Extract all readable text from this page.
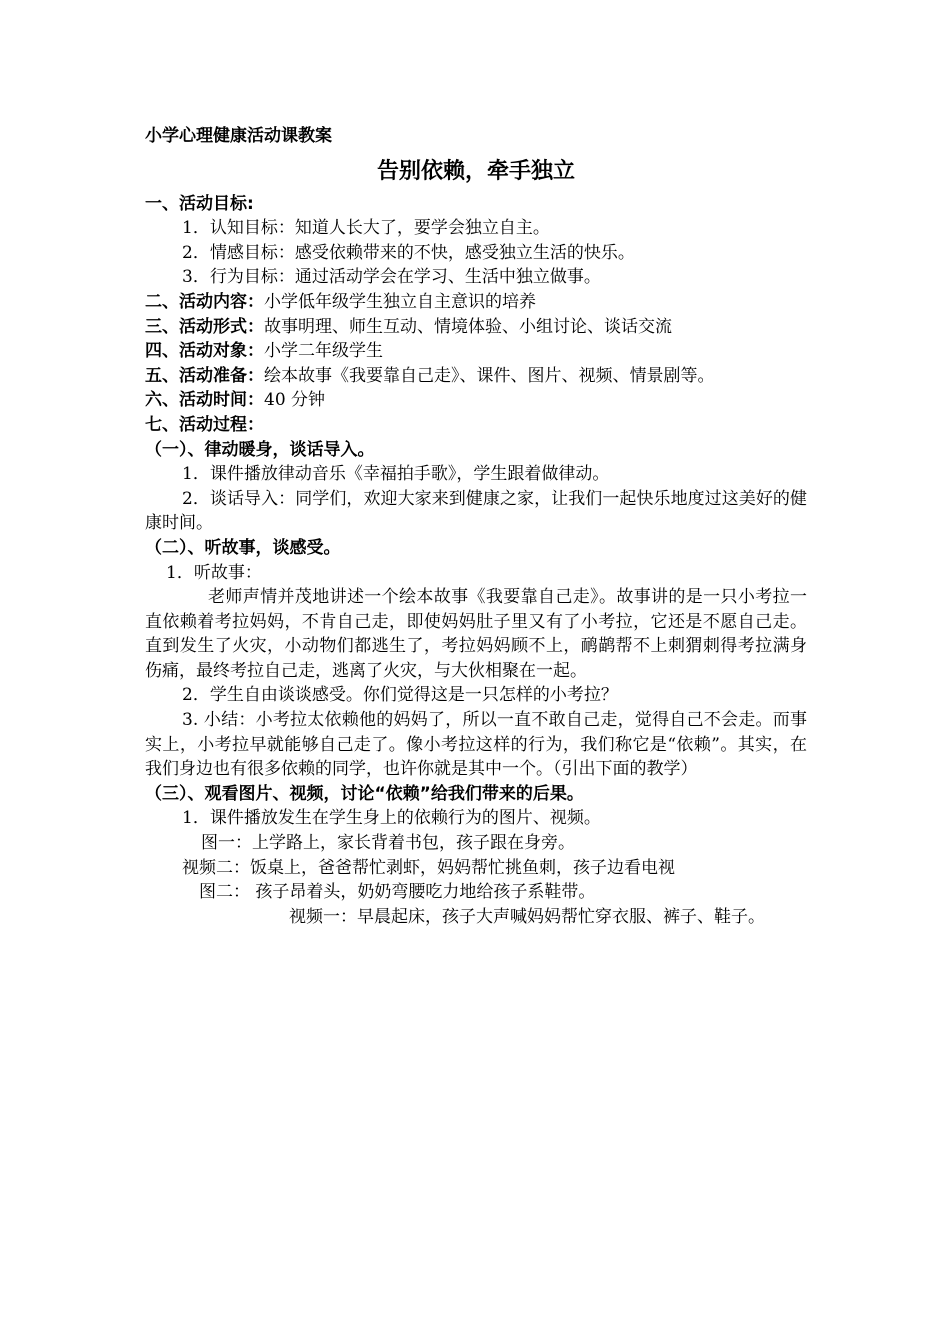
小学心理健康活动课教案
告别依赖，牵手独立
一、活动目标:
1．认知目标：知道人长大了，要学会独立自主。
2．情感目标：感受依赖带来的不快，感受独立生活的快乐。
3．行为目标：通过活动学会在学习、生活中独立做事。
二、活动内容：小学低年级学生独立自主意识的培养
三、活动形式：故事明理、师生互动、情境体验、小组讨论、谈话交流
四、活动对象：小学二年级学生
五、活动准备：绘本故事《我要靠自己走》、课件、图片、视频、情景剧等。
六、活动时间：40 分钟
七、活动过程：
（一）、律动暖身，谈话导入。
1．课件播放律动音乐《幸福拍手歌》，学生跟着做律动。
2．谈话导入：同学们，欢迎大家来到健康之家，让我们一起快乐地度过这美好的健康时间。
（二）、听故事，谈感受。
1．听故事：
老师声情并茂地讲述一个绘本故事《我要靠自己走》。故事讲的是一只小考拉一直依赖着考拉妈妈，不肯自己走，即使妈妈肚子里又有了小考拉，它还是不愿自己走。直到发生了火灾，小动物们都逃生了，考拉妈妈顾不上，鸸鹋帮不上刺猬刺得考拉满身伤痛，最终考拉自己走，逃离了火灾，与大伙相聚在一起。
2．学生自由谈谈感受。你们觉得这是一只怎样的小考拉？
3. 小结：小考拉太依赖他的妈妈了，所以一直不敢自己走，觉得自己不会走。而事实上，小考拉早就能够自己走了。像小考拉这样的行为，我们称它是“依赖”。其实，在我们身边也有很多依赖的同学，也许你就是其中一个。（引出下面的教学）
（三）、观看图片、视频，讨论“依赖”给我们带来的后果。
1．课件播放发生在学生身上的依赖行为的图片、视频。
图一：上学路上，家长背着书包，孩子跟在身旁。
视频二：饭桌上，爸爸帮忙剥虾，妈妈帮忙挑鱼刺，孩子边看电视
图二： 孩子昂着头，奶奶弯腰吃力地给孩子系鞋带。
视频一：早晨起床，孩子大声喊妈妈帮忙穿衣服、裤子、鞋子。
